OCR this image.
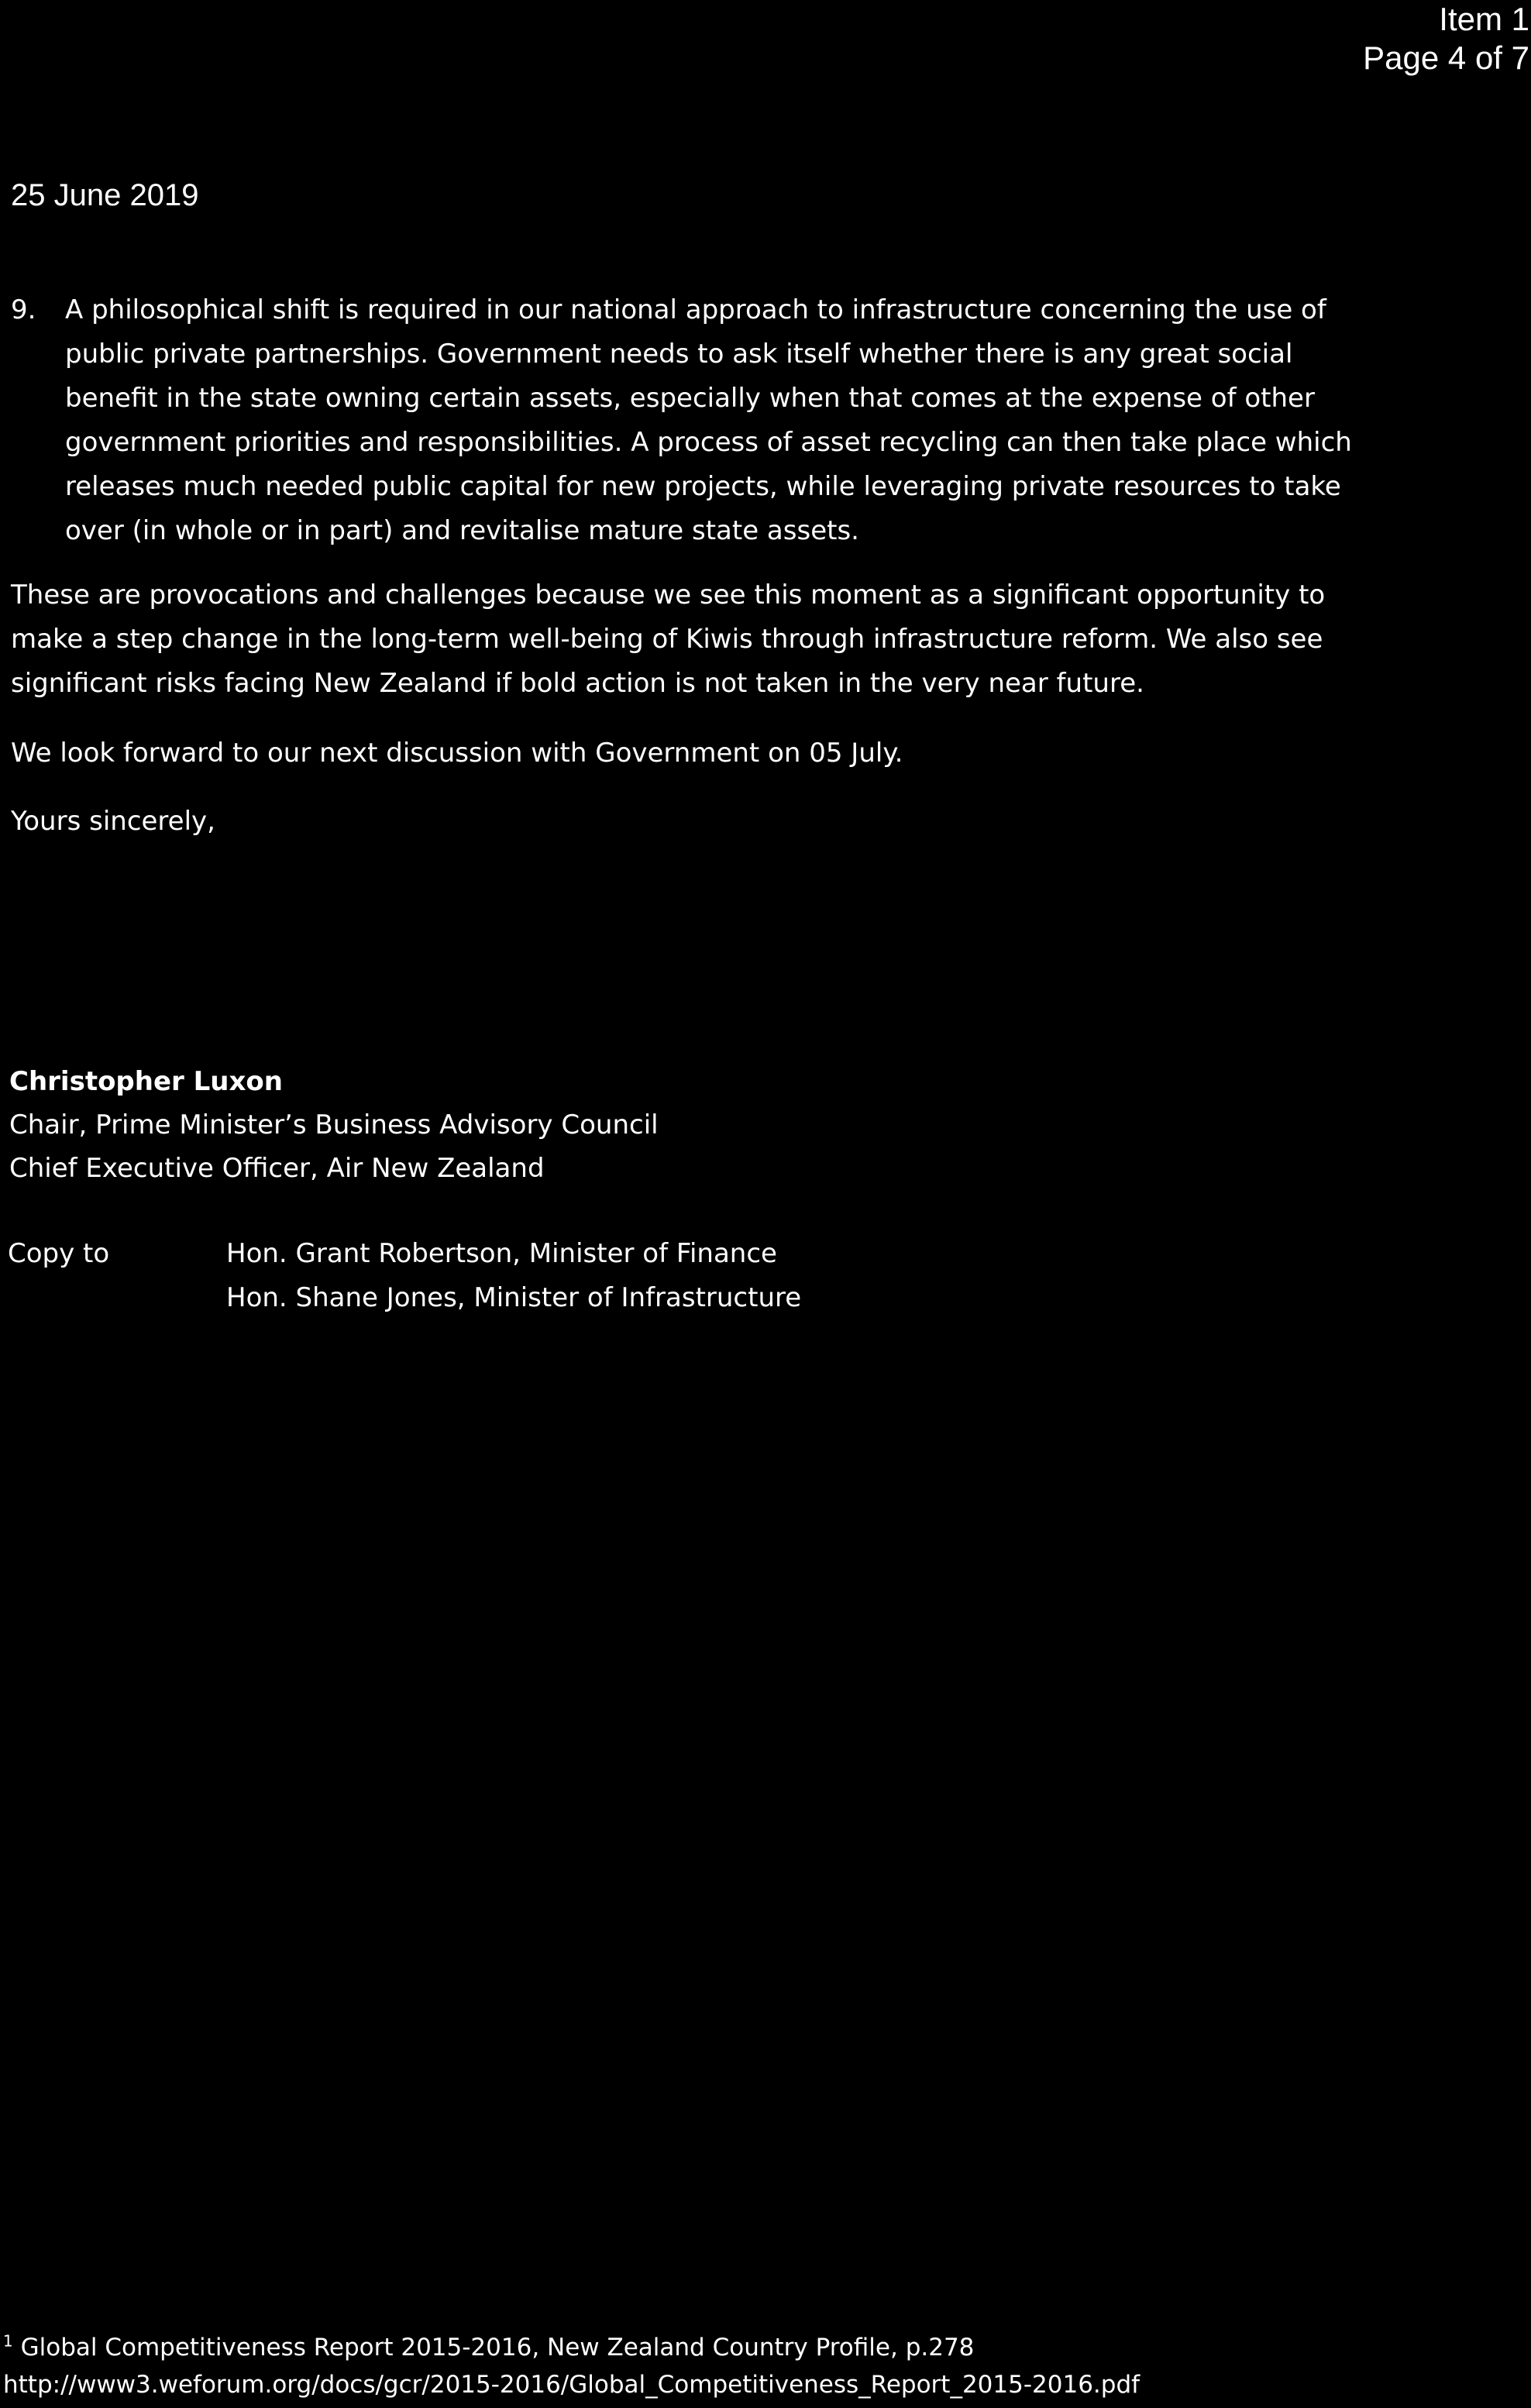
Item 1
Page 4 of 7
25 June 2019
9.	A philosophical shift is required in our national approach to infrastructure concerning the use of public private partnerships. Government needs to ask itself whether there is any great social benefit in the state owning certain assets, especially when that comes at the expense of other government priorities and responsibilities. A process of asset recycling can then take place which releases much needed public capital for new projects, while leveraging private resources to take over (in whole or in part) and revitalise mature state assets.
These are provocations and challenges because we see this moment as a significant opportunity to make a step change in the long-term well-being of Kiwis through infrastructure reform. We also see significant risks facing New Zealand if bold action is not taken in the very near future.
We look forward to our next discussion with Government on 05 July.
Yours sincerely,
Christopher Luxon
Chair, Prime Minister’s Business Advisory Council
Chief Executive Officer, Air New Zealand
Copy to	Hon. Grant Robertson, Minister of Finance
Hon. Shane Jones, Minister of Infrastructure
$^1$ Global Competitiveness Report 2015-2016, New Zealand Country Profile, p.278
http://www3.weforum.org/docs/gcr/2015-2016/Global_Competitiveness_Report_2015-2016.pdf
